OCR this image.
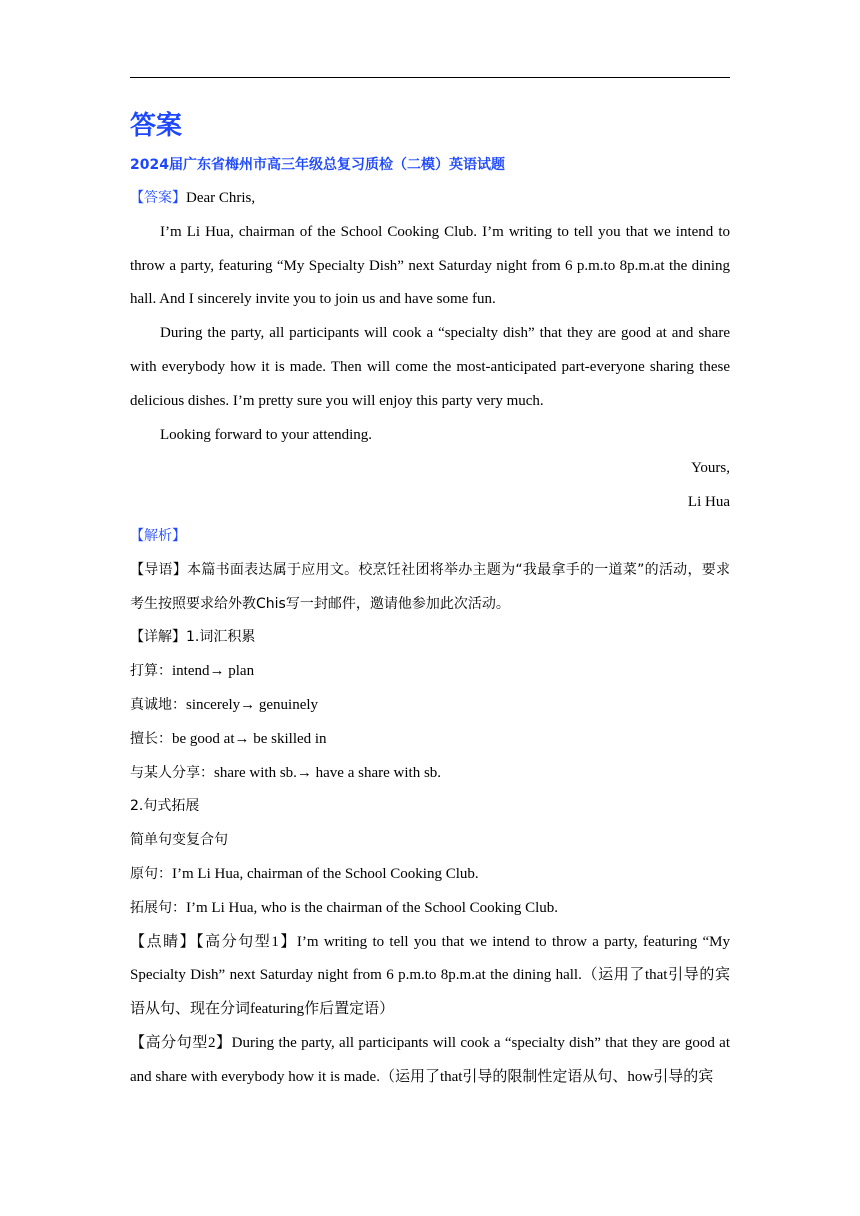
答案

2024届广东省梅州市高三年级总复习质检（二模）英语试题

【答案】Dear Chris,

I’m Li Hua, chairman of the School Cooking Club. I’m writing to tell you that we intend to throw a party, featuring “My Specialty Dish” next Saturday night from 6 p.m.to 8p.m.at the dining hall. And I sincerely invite you to join us and have some fun.

During the party, all participants will cook a “specialty dish” that they are good at and share with everybody how it is made. Then will come the most-anticipated part-everyone sharing these delicious dishes. I’m pretty sure you will enjoy this party very much.

Looking forward to your attending.

Yours,

Li Hua

【解析】

【导语】本篇书面表达属于应用文。校烹饪社团将举办主题为“我最拿手的一道菜”的活动，要求考生按照要求给外教Chis写一封邮件，邀请他参加此次活动。

【详解】1.词汇积累

打算：intend→ plan

真诚地：sincerely→ genuinely

擅长：be good at→ be skilled in

与某人分享：share with sb.→ have a share with sb.

2.句式拓展

简单句变复合句

原句：I’m Li Hua, chairman of the School Cooking Club.

拓展句：I’m Li Hua, who is the chairman of the School Cooking Club.

【点睛】【高分句型1】I’m writing to tell you that we intend to throw a party, featuring “My Specialty Dish” next Saturday night from 6 p.m.to 8p.m.at the dining hall.（运用了that引导的宾语从句、现在分词featuring作后置定语）

【高分句型2】During the party, all participants will cook a “specialty dish” that they are good at and share with everybody how it is made.（运用了that引导的限制性定语从句、how引导的宾
